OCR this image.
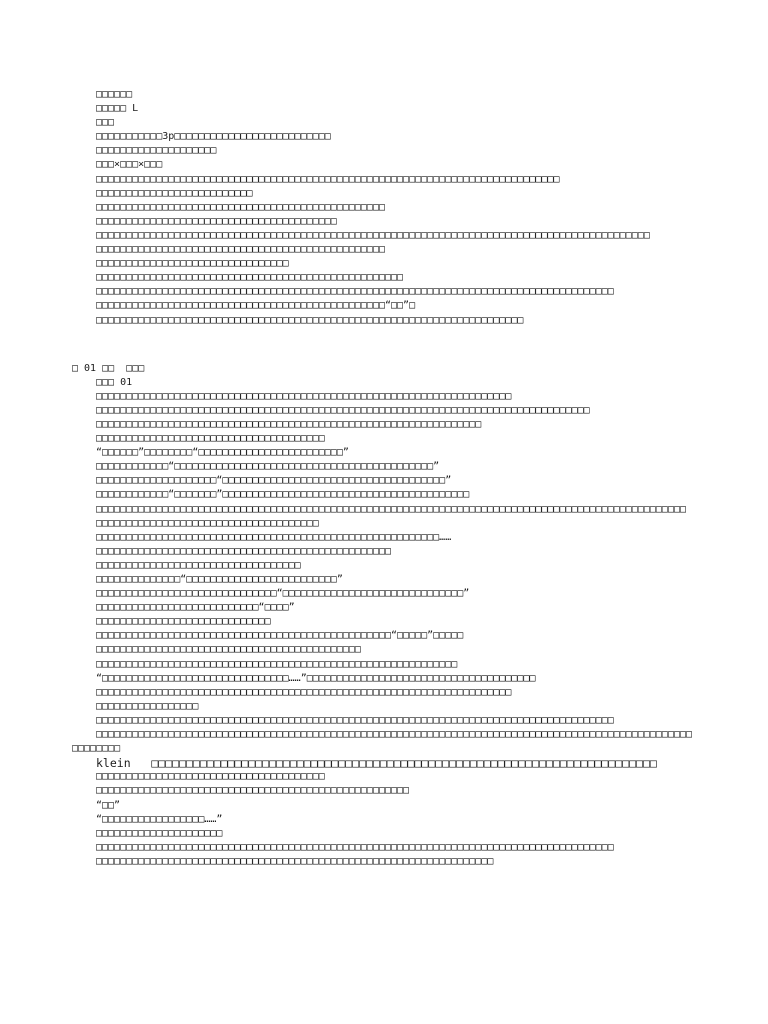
□□□□□□

□□□□□ L

□□□

□□□□□□□□□□□3p□□□□□□□□□□□□□□□□□□□□□□□□□□

□□□□□□□□□□□□□□□□□□□□

□□□×□□□×□□□

□□□□□□□□□□□□□□□□□□□□□□□□□□□□□□□□□□□□□□□□□□□□□□□□□□□□□□□□□□□□□□□□□□□□□□□□□□□□□

□□□□□□□□□□□□□□□□□□□□□□□□□□

□□□□□□□□□□□□□□□□□□□□□□□□□□□□□□□□□□□□□□□□□□□□□□□□

□□□□□□□□□□□□□□□□□□□□□□□□□□□□□□□□□□□□□□□□

□□□□□□□□□□□□□□□□□□□□□□□□□□□□□□□□□□□□□□□□□□□□□□□□□□□□□□□□□□□□□□□□□□□□□□□□□□□□□□□□□□□□□□□□□□□□

□□□□□□□□□□□□□□□□□□□□□□□□□□□□□□□□□□□□□□□□□□□□□□□□

□□□□□□□□□□□□□□□□□□□□□□□□□□□□□□□□

□□□□□□□□□□□□□□□□□□□□□□□□□□□□□□□□□□□□□□□□□□□□□□□□□□□

□□□□□□□□□□□□□□□□□□□□□□□□□□□□□□□□□□□□□□□□□□□□□□□□□□□□□□□□□□□□□□□□□□□□□□□□□□□□□□□□□□□□□□

□□□□□□□□□□□□□□□□□□□□□□□□□□□□□□□□□□□□□□□□□□□□□□□□“□□”□

□□□□□□□□□□□□□□□□□□□□□□□□□□□□□□□□□□□□□□□□□□□□□□□□□□□□□□□□□□□□□□□□□□□□□□□

□ 01 □□  □□□

□□□ 01

□□□□□□□□□□□□□□□□□□□□□□□□□□□□□□□□□□□□□□□□□□□□□□□□□□□□□□□□□□□□□□□□□□□□□

□□□□□□□□□□□□□□□□□□□□□□□□□□□□□□□□□□□□□□□□□□□□□□□□□□□□□□□□□□□□□□□□□□□□□□□□□□□□□□□□□□

□□□□□□□□□□□□□□□□□□□□□□□□□□□□□□□□□□□□□□□□□□□□□□□□□□□□□□□□□□□□□□□□

□□□□□□□□□□□□□□□□□□□□□□□□□□□□□□□□□□□□□□

“□□□□□□”□□□□□□□□“□□□□□□□□□□□□□□□□□□□□□□□□”

□□□□□□□□□□□□“□□□□□□□□□□□□□□□□□□□□□□□□□□□□□□□□□□□□□□□□□□□”

□□□□□□□□□□□□□□□□□□□□“□□□□□□□□□□□□□□□□□□□□□□□□□□□□□□□□□□□□□”

□□□□□□□□□□□□“□□□□□□□”□□□□□□□□□□□□□□□□□□□□□□□□□□□□□□□□□□□□□□□□□

□□□□□□□□□□□□□□□□□□□□□□□□□□□□□□□□□□□□□□□□□□□□□□□□□□□□□□□□□□□□□□□□□□□□□□□□□□□□□□□□□□□□□□□□□□□□□□□□□□

□□□□□□□□□□□□□□□□□□□□□□□□□□□□□□□□□□□□□

□□□□□□□□□□□□□□□□□□□□□□□□□□□□□□□□□□□□□□□□□□□□□□□□□□□□□□□□□……

□□□□□□□□□□□□□□□□□□□□□□□□□□□□□□□□□□□□□□□□□□□□□□□□□

□□□□□□□□□□□□□□□□□□□□□□□□□□□□□□□□□□

□□□□□□□□□□□□□□“□□□□□□□□□□□□□□□□□□□□□□□□□”

□□□□□□□□□□□□□□□□□□□□□□□□□□□□□□“□□□□□□□□□□□□□□□□□□□□□□□□□□□□□□”

□□□□□□□□□□□□□□□□□□□□□□□□□□□“□□□□”

□□□□□□□□□□□□□□□□□□□□□□□□□□□□□

□□□□□□□□□□□□□□□□□□□□□□□□□□□□□□□□□□□□□□□□□□□□□□□□□“□□□□□”□□□□□

□□□□□□□□□□□□□□□□□□□□□□□□□□□□□□□□□□□□□□□□□□□□

□□□□□□□□□□□□□□□□□□□□□□□□□□□□□□□□□□□□□□□□□□□□□□□□□□□□□□□□□□□□

“□□□□□□□□□□□□□□□□□□□□□□□□□□□□□□□……”□□□□□□□□□□□□□□□□□□□□□□□□□□□□□□□□□□□□□□

□□□□□□□□□□□□□□□□□□□□□□□□□□□□□□□□□□□□□□□□□□□□□□□□□□□□□□□□□□□□□□□□□□□□□

□□□□□□□□□□□□□□□□□

□□□□□□□□□□□□□□□□□□□□□□□□□□□□□□□□□□□□□□□□□□□□□□□□□□□□□□□□□□□□□□□□□□□□□□□□□□□□□□□□□□□□□□

□□□□□□□□□□□□□□□□□□□□□□□□□□□□□□□□□□□□□□□□□□□□□□□□□□□□□□□□□□□□□□□□□□□□□□□□□□□□□□□□□□□□□□□□□□□□□□□□□□□□□□□□□□□

klein   □□□□□□□□□□□□□□□□□□□□□□□□□□□□□□□□□□□□□□□□□□□□□□□□□□□□□□□□□□□□□□□□□□□□□□□□□

□□□□□□□□□□□□□□□□□□□□□□□□□□□□□□□□□□□□□□

□□□□□□□□□□□□□□□□□□□□□□□□□□□□□□□□□□□□□□□□□□□□□□□□□□□□

“□□”

“□□□□□□□□□□□□□□□□□……”

□□□□□□□□□□□□□□□□□□□□□

□□□□□□□□□□□□□□□□□□□□□□□□□□□□□□□□□□□□□□□□□□□□□□□□□□□□□□□□□□□□□□□□□□□□□□□□□□□□□□□□□□□□□□

□□□□□□□□□□□□□□□□□□□□□□□□□□□□□□□□□□□□□□□□□□□□□□□□□□□□□□□□□□□□□□□□□□
